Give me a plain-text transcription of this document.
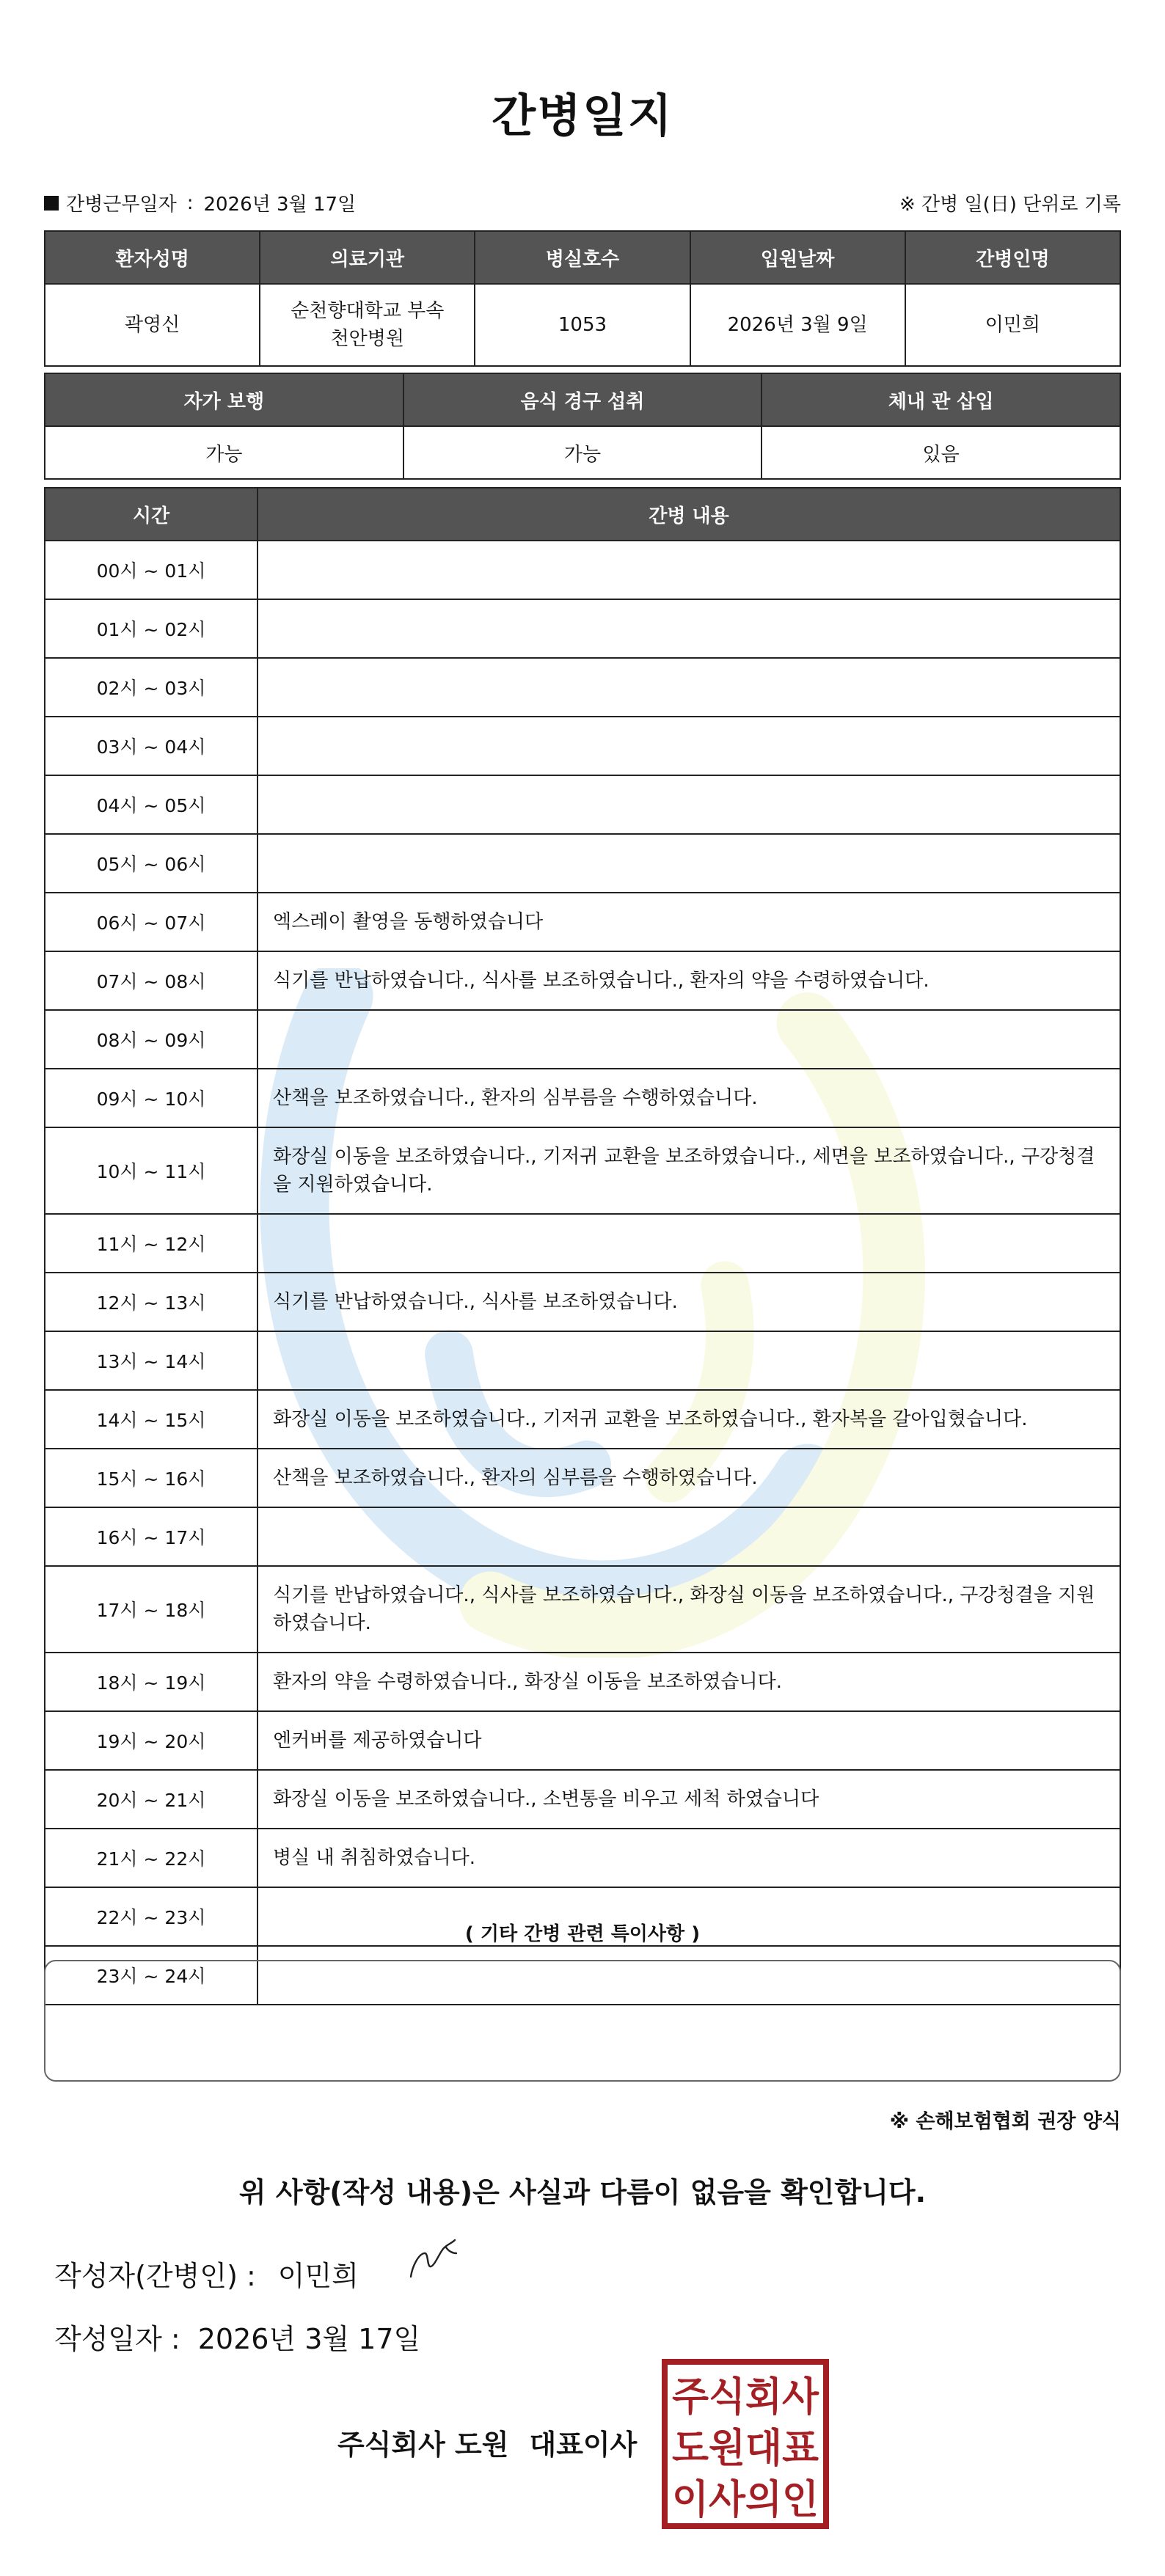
간병일지
간병근무일자 : 2026년 3월 17일	※ 간병 일(日) 단위로 기록
환자성명	의료기관	병실호수	입원날짜	간병인명
곽영신	순천향대학교 부속 천안병원	1053	2026년 3월 9일	이민희
자가 보행	음식 경구 섭취	체내 관 삽입
가능	가능	있음
시간	간병 내용
00시 ~ 01시	
01시 ~ 02시	
02시 ~ 03시	
03시 ~ 04시	
04시 ~ 05시	
05시 ~ 06시	
06시 ~ 07시	엑스레이 촬영을 동행하였습니다
07시 ~ 08시	식기를 반납하였습니다., 식사를 보조하였습니다., 환자의 약을 수령하였습니다.
08시 ~ 09시	
09시 ~ 10시	산책을 보조하였습니다., 환자의 심부름을 수행하였습니다.
10시 ~ 11시	화장실 이동을 보조하였습니다., 기저귀 교환을 보조하였습니다., 세면을 보조하였습니다., 구강청결을 지원하였습니다.
11시 ~ 12시	
12시 ~ 13시	식기를 반납하였습니다., 식사를 보조하였습니다.
13시 ~ 14시	
14시 ~ 15시	화장실 이동을 보조하였습니다., 기저귀 교환을 보조하였습니다., 환자복을 갈아입혔습니다.
15시 ~ 16시	산책을 보조하였습니다., 환자의 심부름을 수행하였습니다.
16시 ~ 17시	
17시 ~ 18시	식기를 반납하였습니다., 식사를 보조하였습니다., 화장실 이동을 보조하였습니다., 구강청결을 지원하였습니다.
18시 ~ 19시	환자의 약을 수령하였습니다., 화장실 이동을 보조하였습니다.
19시 ~ 20시	엔커버를 제공하였습니다
20시 ~ 21시	화장실 이동을 보조하였습니다., 소변통을 비우고 세척 하였습니다
21시 ~ 22시	병실 내 취침하였습니다.
22시 ~ 23시	
23시 ~ 24시	
( 기타 간병 관련 특이사항 )
※ 손해보험협회 권장 양식
위 사항(작성 내용)은 사실과 다름이 없음을 확인합니다.
작성자(간병인) : 이민희
작성일자 : 2026년 3월 17일
주식회사 도원 대표이사
주식회사
도원대표
이사의인
